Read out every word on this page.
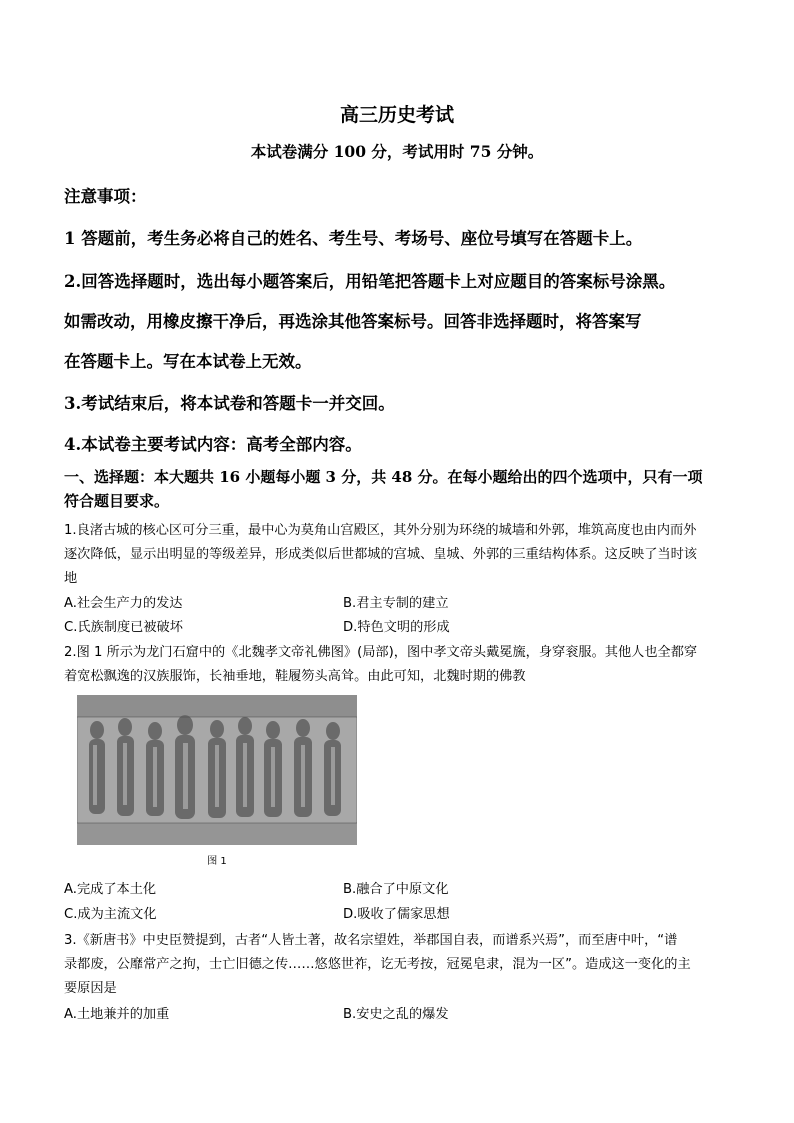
高三历史考试
本试卷满分 100 分，考试用时 75 分钟。
注意事项：
1 答题前，考生务必将自己的姓名、考生号、考场号、座位号填写在答题卡上。
2.回答选择题时，选出每小题答案后，用铅笔把答题卡上对应题目的答案标号涂黑。
如需改动，用橡皮擦干净后，再选涂其他答案标号。回答非选择题时，将答案写
在答题卡上。写在本试卷上无效。
3.考试结束后，将本试卷和答题卡一并交回。
4.本试卷主要考试内容：高考全部内容。
一、选择题：本大题共 16 小题每小题 3 分，共 48 分。在每小题给出的四个选项中，只有一项
符合题目要求。
1.良渚古城的核心区可分三重，最中心为莫角山宫殿区，其外分别为环绕的城墙和外郭，堆筑高度也由内而外
逐次降低，显示出明显的等级差异，形成类似后世都城的宫城、皇城、外郭的三重结构体系。这反映了当时该
地
A.社会生产力的发达	B.君主专制的建立
C.氏族制度已被破坏	D.特色文明的形成
2.图 1 所示为龙门石窟中的《北魏孝文帝礼佛图》(局部)，图中孝文帝头戴冕旒，身穿衮服。其他人也全都穿
着宽松飘逸的汉族服饰，长袖垂地，鞋履笏头高耸。由此可知，北魏时期的佛教
图 1
A.完成了本土化	B.融合了中原文化
C.成为主流文化	D.吸收了儒家思想
3.《新唐书》中史臣赞提到，古者“人皆土著，故名宗望姓，举郡国自表，而谱系兴焉”，而至唐中叶，“谱
录都废，公靡常产之拘，士亡旧德之传……悠悠世祚，讫无考按，冠冕皂隶，混为一区”。造成这一变化的主
要原因是
A.土地兼并的加重	B.安史之乱的爆发
